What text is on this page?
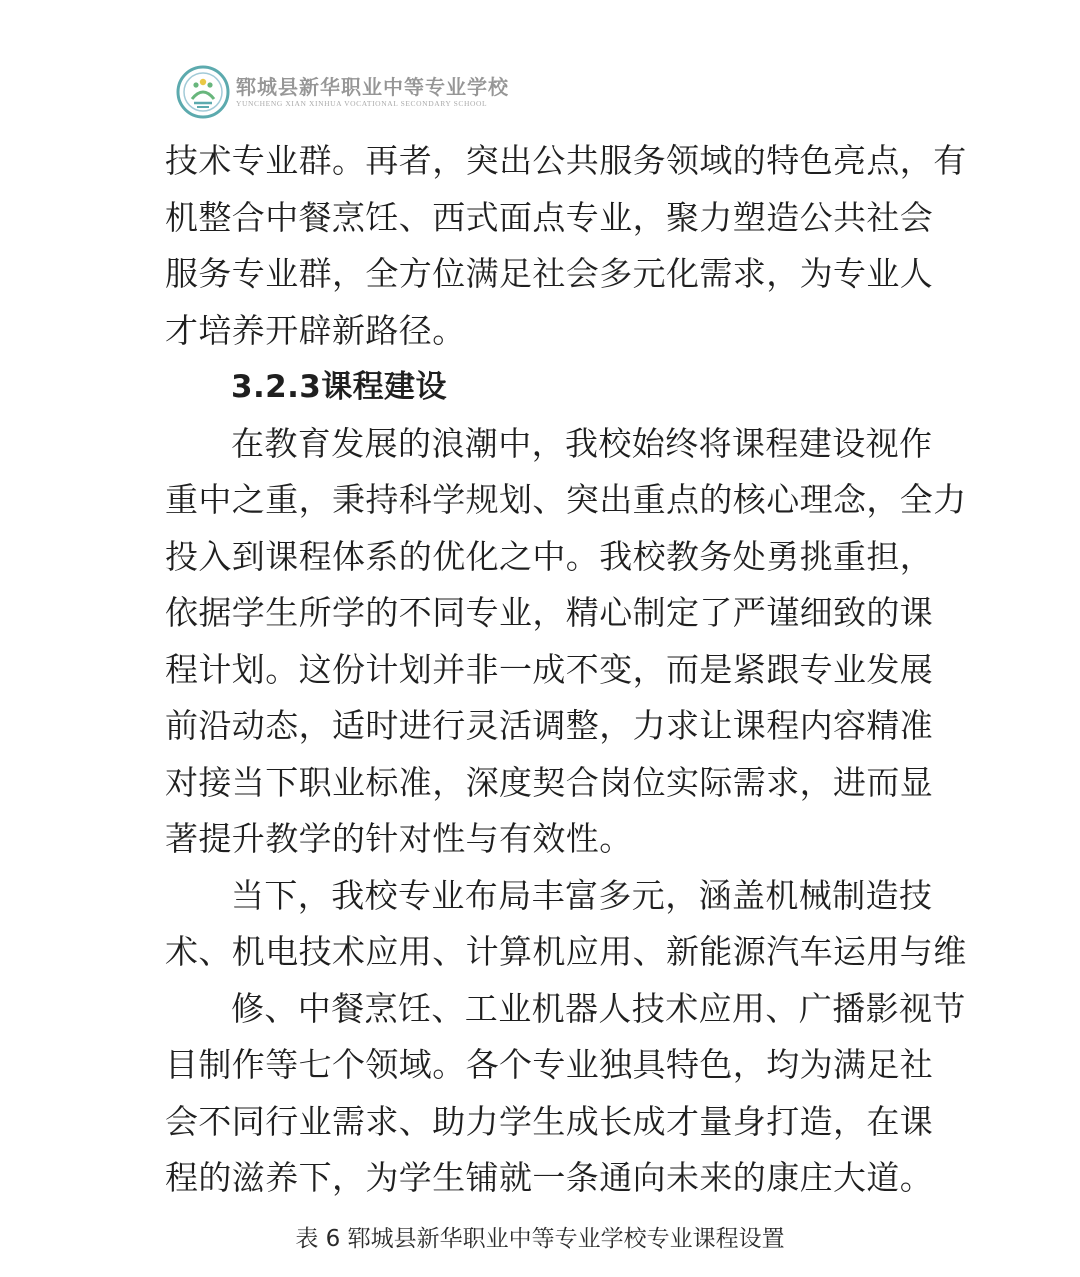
郓城县新华职业中等专业学校
YUNCHENG XIAN XINHUA VOCATIONAL SECONDARY SCHOOL
技术专业群。再者，突出公共服务领域的特色亮点，有
机整合中餐烹饪、西式面点专业，聚力塑造公共社会
服务专业群，全方位满足社会多元化需求，为专业人
才培养开辟新路径。
3.2.3课程建设
在教育发展的浪潮中，我校始终将课程建设视作
重中之重，秉持科学规划、突出重点的核心理念，全力
投入到课程体系的优化之中。我校教务处勇挑重担，
依据学生所学的不同专业，精心制定了严谨细致的课
程计划。这份计划并非一成不变，而是紧跟专业发展
前沿动态，适时进行灵活调整，力求让课程内容精准
对接当下职业标准，深度契合岗位实际需求，进而显
著提升教学的针对性与有效性。
当下，我校专业布局丰富多元，涵盖机械制造技
术、机电技术应用、计算机应用、新能源汽车运用与维
修、中餐烹饪、工业机器人技术应用、广播影视节
目制作等七个领域。各个专业独具特色，均为满足社
会不同行业需求、助力学生成长成才量身打造，在课
程的滋养下，为学生铺就一条通向未来的康庄大道。
表 6 郓城县新华职业中等专业学校专业课程设置
